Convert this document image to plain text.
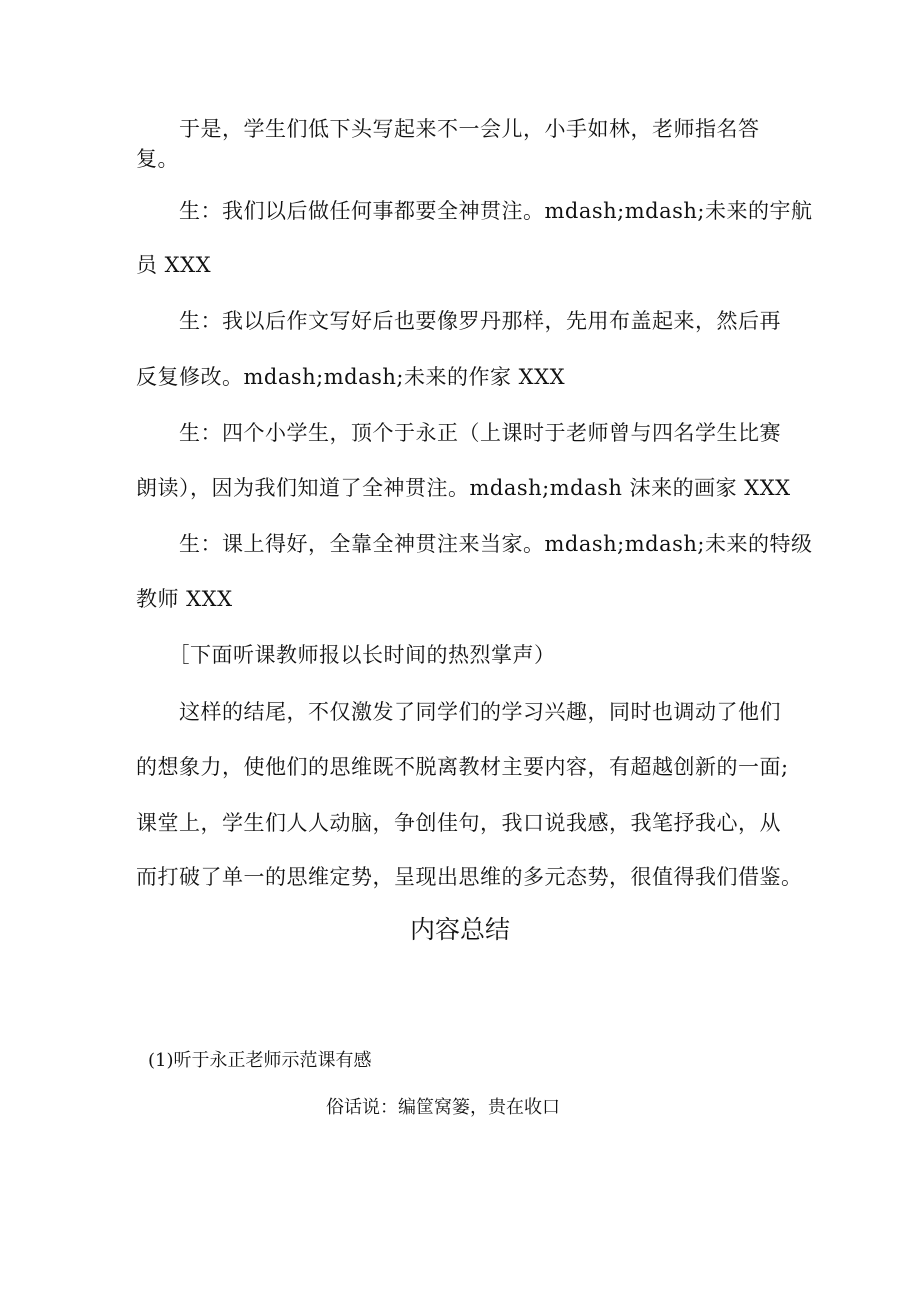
　　于是，学生们低下头写起来不一会儿，小手如林，老师指名答
复。
　　生：我们以后做任何事都要全神贯注。mdash;mdash;未来的宇航
员 XXX
　　生：我以后作文写好后也要像罗丹那样，先用布盖起来，然后再
反复修改。mdash;mdash;未来的作家 XXX
　　生：四个小学生，顶个于永正（上课时于老师曾与四名学生比赛
朗读），因为我们知道了全神贯注。mdash;mdash 沫来的画家 XXX
　　生：课上得好，全靠全神贯注来当家。mdash;mdash;未来的特级
教师 XXX
　　［下面听课教师报以长时间的热烈掌声）
　　这样的结尾，不仅激发了同学们的学习兴趣，同时也调动了他们
的想象力，使他们的思维既不脱离教材主要内容，有超越创新的一面;
课堂上，学生们人人动脑，争创佳句，我口说我感，我笔抒我心，从
而打破了单一的思维定势，呈现出思维的多元态势，很值得我们借鉴。
内容总结
(1)听于永正老师示范课有感
俗话说：编筐窝篓，贵在收口
